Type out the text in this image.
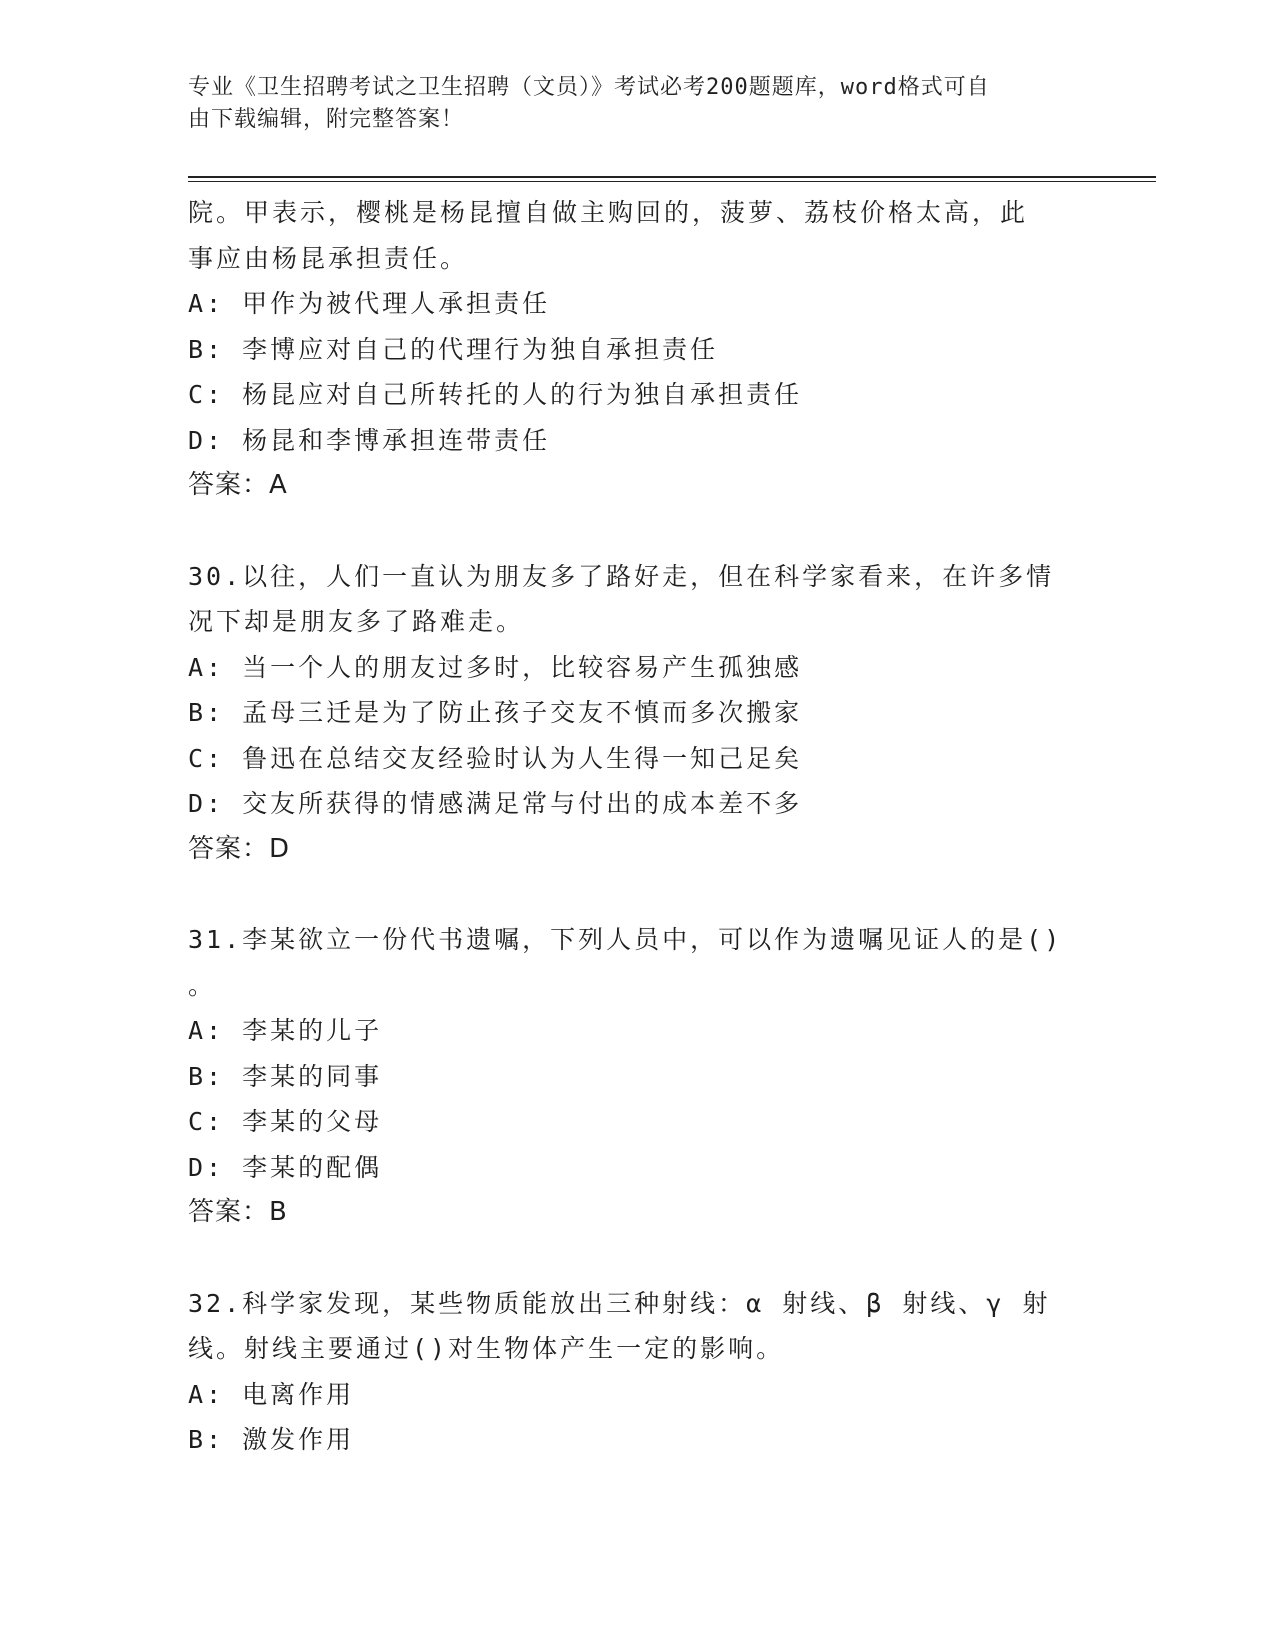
专业《卫生招聘考试之卫生招聘（文员）》考试必考200题题库，word格式可自
由下载编辑，附完整答案！
院。甲表示，樱桃是杨昆擅自做主购回的，菠萝、荔枝价格太高，此
事应由杨昆承担责任。
A: 甲作为被代理人承担责任
B: 李博应对自己的代理行为独自承担责任
C: 杨昆应对自己所转托的人的行为独自承担责任
D: 杨昆和李博承担连带责任
答案：A
30.以往，人们一直认为朋友多了路好走，但在科学家看来，在许多情
况下却是朋友多了路难走。
A: 当一个人的朋友过多时，比较容易产生孤独感
B: 孟母三迁是为了防止孩子交友不慎而多次搬家
C: 鲁迅在总结交友经验时认为人生得一知己足矣
D: 交友所获得的情感满足常与付出的成本差不多
答案：D
31.李某欲立一份代书遗嘱，下列人员中，可以作为遗嘱见证人的是()
。
A: 李某的儿子
B: 李某的同事
C: 李某的父母
D: 李某的配偶
答案：B
32.科学家发现，某些物质能放出三种射线：α 射线、β 射线、γ 射
线。射线主要通过()对生物体产生一定的影响。
A: 电离作用
B: 激发作用
